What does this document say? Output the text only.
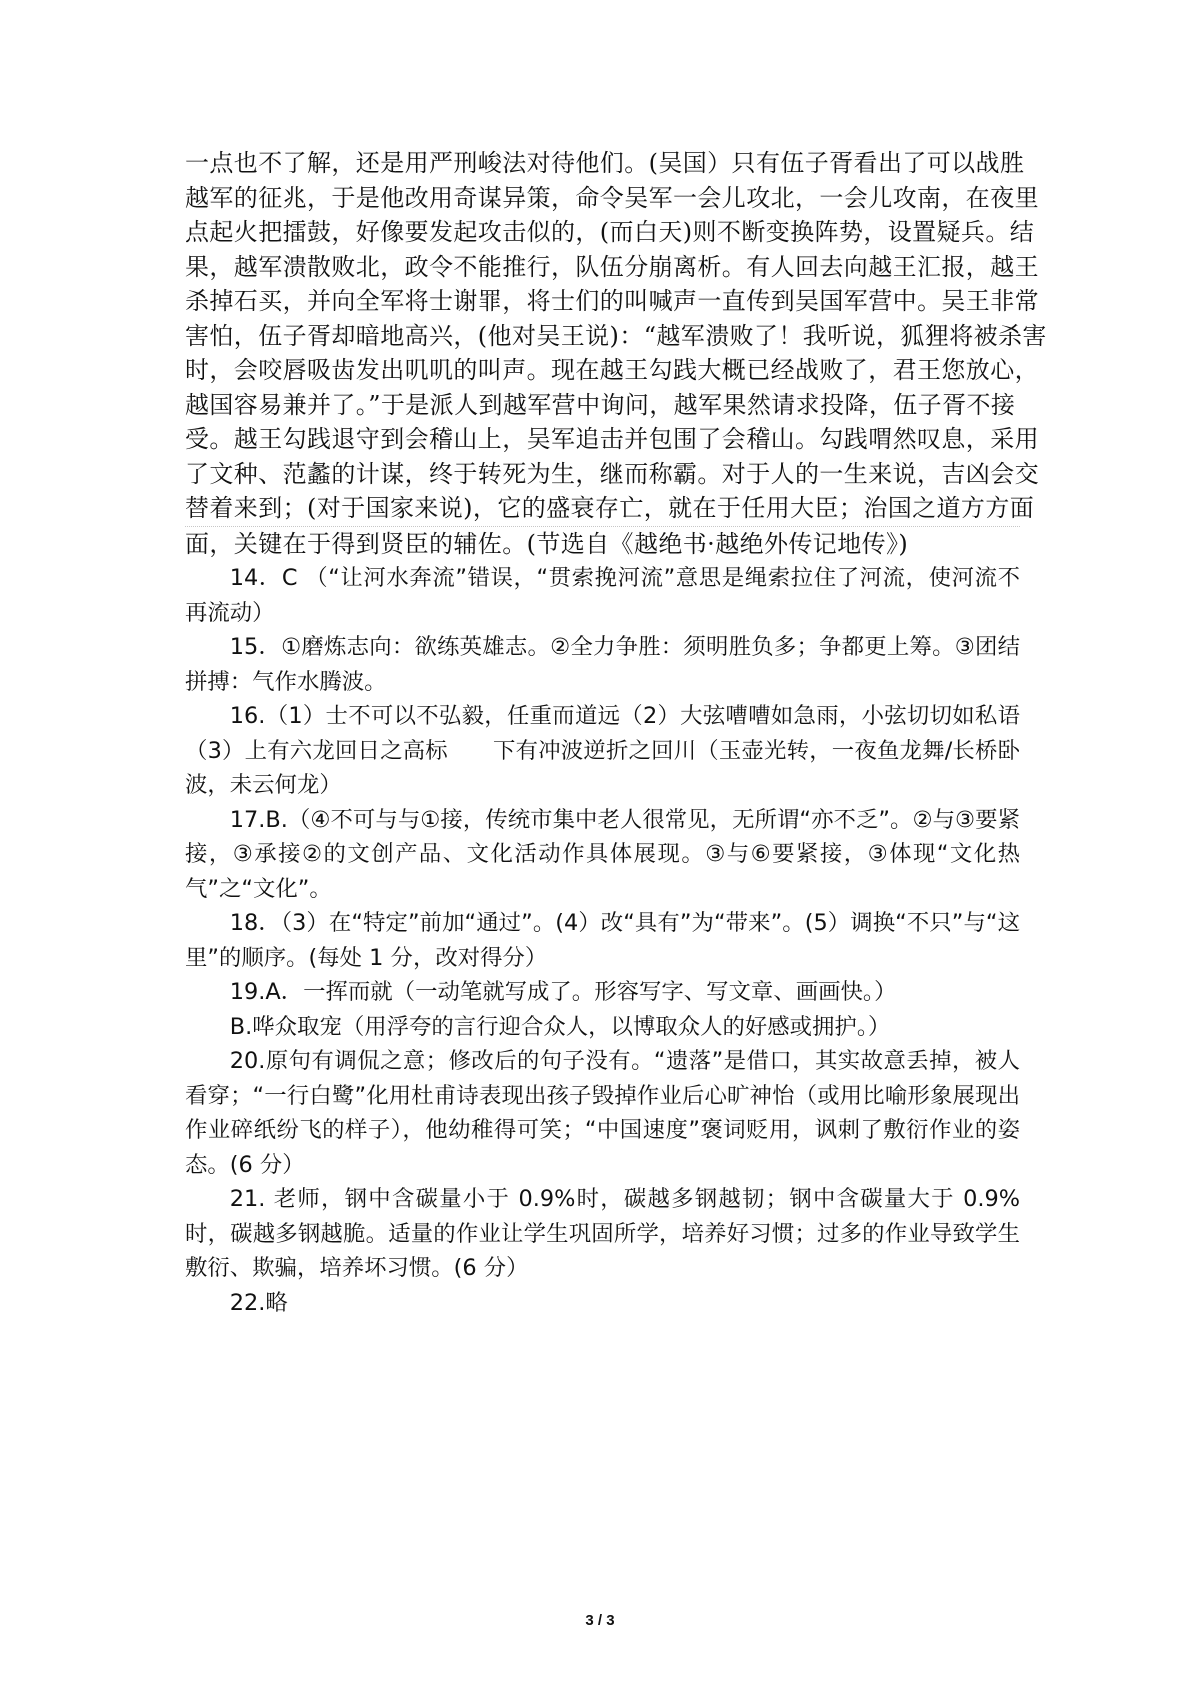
一点也不了解，还是用严刑峻法对待他们。(吴国）只有伍子胥看出了可以战胜
越军的征兆，于是他改用奇谋异策，命令吴军一会儿攻北，一会儿攻南，在夜里
点起火把擂鼓，好像要发起攻击似的，(而白天)则不断变换阵势，设置疑兵。结
果，越军溃散败北，政令不能推行，队伍分崩离析。有人回去向越王汇报，越王
杀掉石买，并向全军将士谢罪，将士们的叫喊声一直传到吴国军营中。吴王非常
害怕，伍子胥却暗地高兴，(他对吴王说)：“越军溃败了！我听说，狐狸将被杀害
时，会咬唇吸齿发出叽叽的叫声。现在越王勾践大概已经战败了，君王您放心，
越国容易兼并了。”于是派人到越军营中询问，越军果然请求投降，伍子胥不接
受。越王勾践退守到会稽山上，吴军追击并包围了会稽山。勾践喟然叹息，采用
了文种、范蠡的计谋，终于转死为生，继而称霸。对于人的一生来说，吉凶会交
替着来到；(对于国家来说)，它的盛衰存亡，就在于任用大臣；治国之道方方面
面，关键在于得到贤臣的辅佐。(节选自《越绝书·越绝外传记地传》)

14．C （“让河水奔流”错误，“贯索挽河流”意思是绳索拉住了河流，使河流不再流动）

15．①磨炼志向：欲练英雄志。②全力争胜：须明胜负多；争都更上筹。③团结拼搏：气作水腾波。

16.（1）士不可以不弘毅，任重而道远（2）大弦嘈嘈如急雨，小弦切切如私语（3）上有六龙回日之高标　　下有冲波逆折之回川（玉壶光转，一夜鱼龙舞/长桥卧波，未云何龙）

17.B.（④不可与与①接，传统市集中老人很常见，无所谓“亦不乏”。②与③要紧接，③承接②的文创产品、文化活动作具体展现。③与⑥要紧接，③体现“文化热气”之“文化”。

18．（3）在“特定”前加“通过”。(4）改“具有”为“带来”。(5）调换“不只”与“这里”的顺序。(每处 1 分，改对得分）

19.A．一挥而就（一动笔就写成了。形容写字、写文章、画画快。）

B.哗众取宠（用浮夸的言行迎合众人，以博取众人的好感或拥护。）

20.原句有调侃之意；修改后的句子没有。“遗落”是借口，其实故意丢掉，被人看穿；“一行白鹭”化用杜甫诗表现出孩子毁掉作业后心旷神怡（或用比喻形象展现出作业碎纸纷飞的样子），他幼稚得可笑；“中国速度”褒词贬用，讽刺了敷衍作业的姿态。(6 分）

21. 老师，钢中含碳量小于 0.9%时，碳越多钢越韧；钢中含碳量大于 0.9%时，碳越多钢越脆。适量的作业让学生巩固所学，培养好习惯；过多的作业导致学生敷衍、欺骗，培养坏习惯。(6 分）

22.略

3 / 3
